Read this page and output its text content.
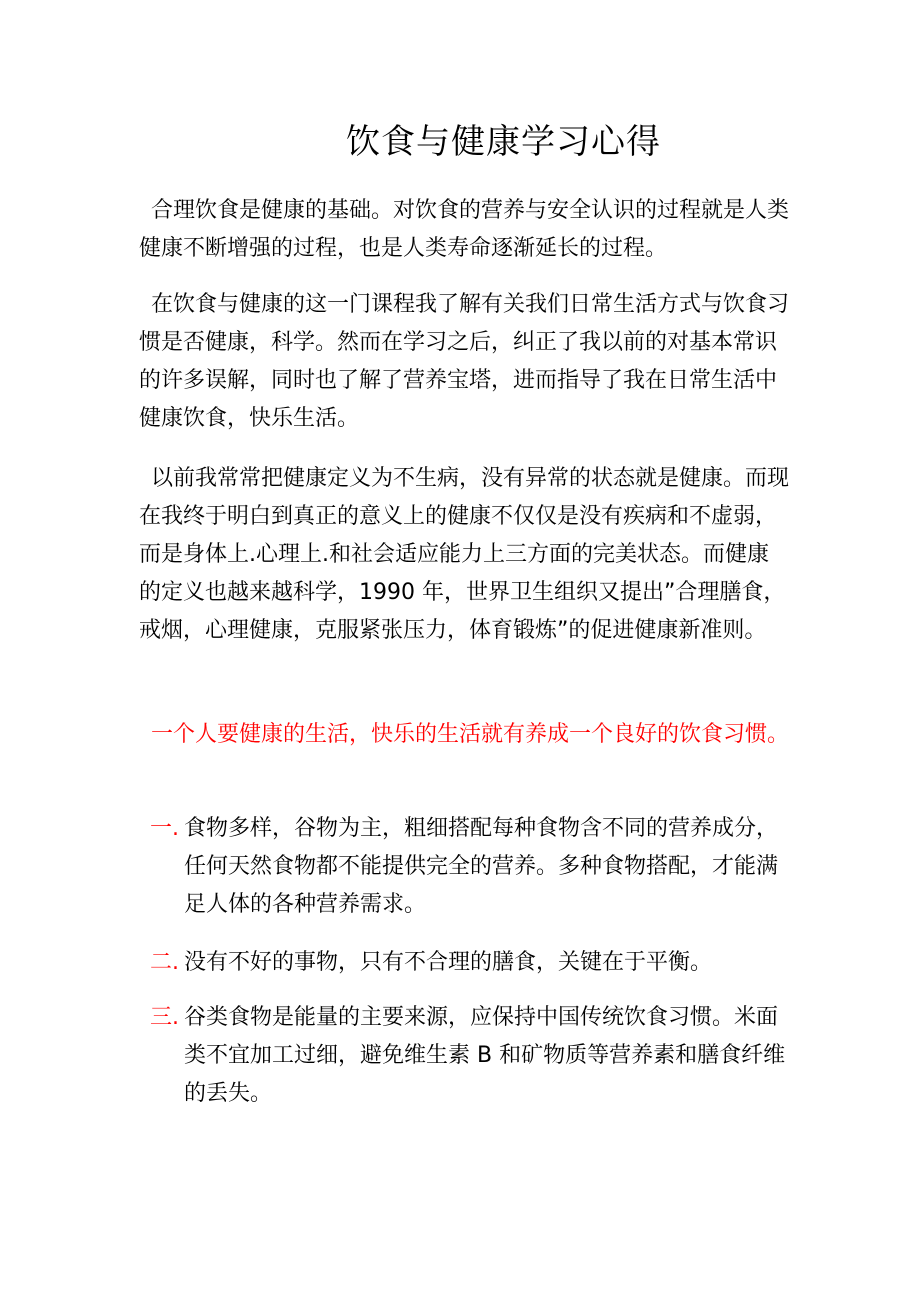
饮食与健康学习心得

合理饮食是健康的基础。对饮食的营养与安全认识的过程就是人类健康不断增强的过程，也是人类寿命逐渐延长的过程。

在饮食与健康的这一门课程我了解有关我们日常生活方式与饮食习惯是否健康，科学。然而在学习之后，纠正了我以前的对基本常识的许多误解，同时也了解了营养宝塔，进而指导了我在日常生活中健康饮食，快乐生活。

以前我常常把健康定义为不生病，没有异常的状态就是健康。而现在我终于明白到真正的意义上的健康不仅仅是没有疾病和不虚弱，而是身体上.心理上.和社会适应能力上三方面的完美状态。而健康的定义也越来越科学，1990 年，世界卫生组织又提出”合理膳食，戒烟，心理健康，克服紧张压力，体育锻炼”的促进健康新准则。

一个人要健康的生活，快乐的生活就有养成一个良好的饮食习惯。

一. 食物多样，谷物为主，粗细搭配每种食物含不同的营养成分，任何天然食物都不能提供完全的营养。多种食物搭配，才能满足人体的各种营养需求。
二. 没有不好的事物，只有不合理的膳食，关键在于平衡。
三. 谷类食物是能量的主要来源，应保持中国传统饮食习惯。米面类不宜加工过细，避免维生素 B 和矿物质等营养素和膳食纤维的丢失。
